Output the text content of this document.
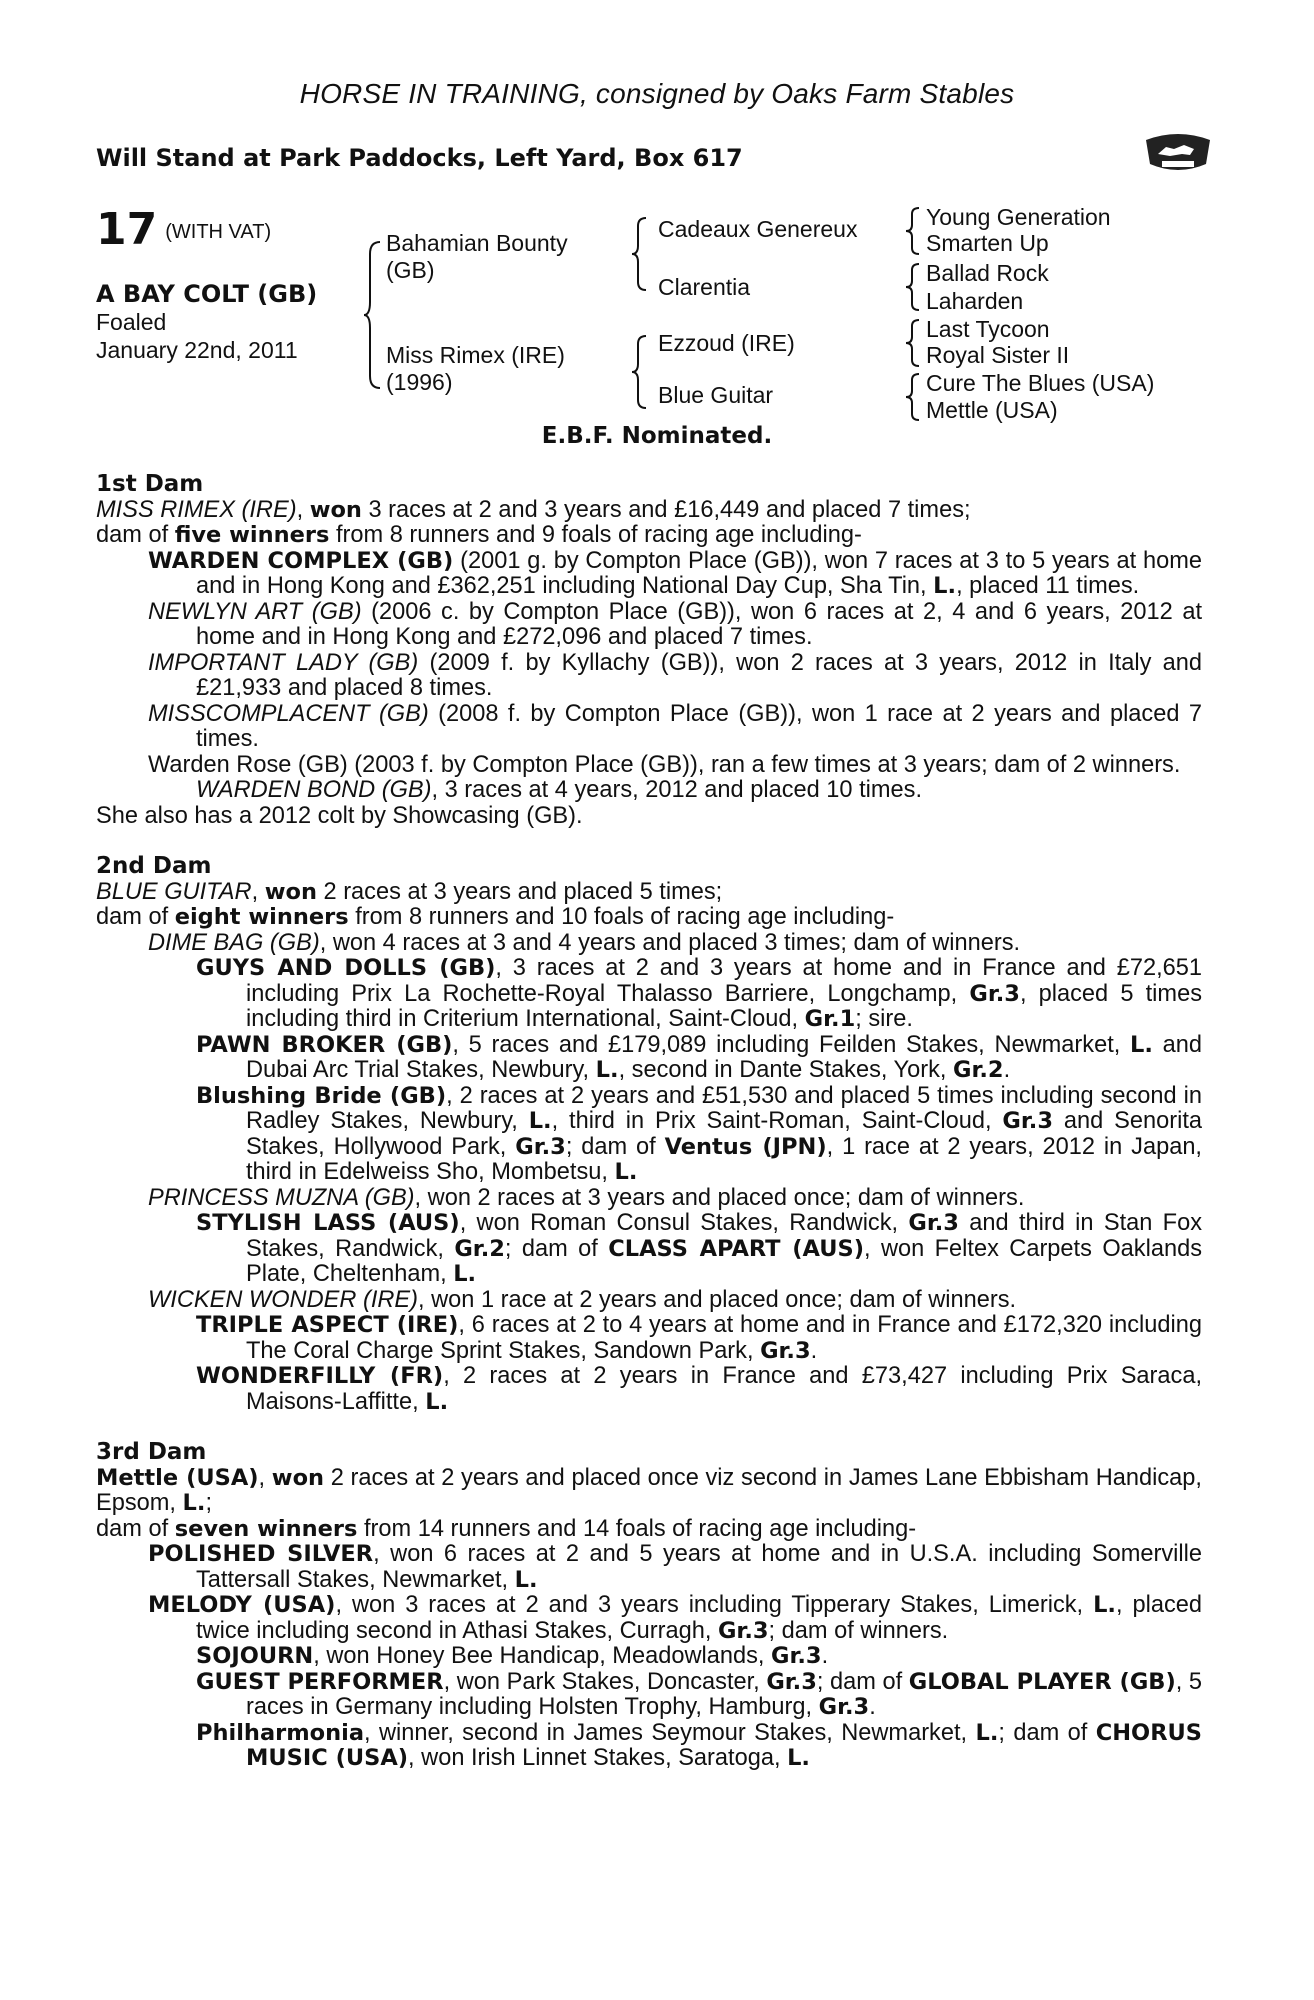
HORSE IN TRAINING, consigned by Oaks Farm Stables
Will Stand at Park Paddocks, Left Yard, Box 617
17 (WITH VAT)
A BAY COLT (GB)
Foaled
January 22nd, 2011
Bahamian Bounty
(GB)
Miss Rimex (IRE)
(1996)
Cadeaux Genereux
Clarentia
Ezzoud (IRE)
Blue Guitar
Young Generation
Smarten Up
Ballad Rock
Laharden
Last Tycoon
Royal Sister II
Cure The Blues (USA)
Mettle (USA)
E.B.F. Nominated.
1st Dam

MISS RIMEX (IRE), won 3 races at 2 and 3 years and £16,449 and placed 7 times;

dam of five winners from 8 runners and 9 foals of racing age including-

WARDEN COMPLEX (GB) (2001 g. by Compton Place (GB)), won 7 races at 3 to 5 years at home and in Hong Kong and £362,251 including National Day Cup, Sha Tin, L., placed 11 times.

NEWLYN ART (GB) (2006 c. by Compton Place (GB)), won 6 races at 2, 4 and 6 years, 2012 at home and in Hong Kong and £272,096 and placed 7 times.

IMPORTANT LADY (GB) (2009 f. by Kyllachy (GB)), won 2 races at 3 years, 2012 in Italy and £21,933 and placed 8 times.

MISSCOMPLACENT (GB) (2008 f. by Compton Place (GB)), won 1 race at 2 years and placed 7 times.

Warden Rose (GB) (2003 f. by Compton Place (GB)), ran a few times at 3 years; dam of 2 winners.

WARDEN BOND (GB), 3 races at 4 years, 2012 and placed 10 times.

She also has a 2012 colt by Showcasing (GB).

2nd Dam

BLUE GUITAR, won 2 races at 3 years and placed 5 times;

dam of eight winners from 8 runners and 10 foals of racing age including-

DIME BAG (GB), won 4 races at 3 and 4 years and placed 3 times; dam of winners.

GUYS AND DOLLS (GB), 3 races at 2 and 3 years at home and in France and £72,651 including Prix La Rochette-Royal Thalasso Barriere, Longchamp, Gr.3, placed 5 times including third in Criterium International, Saint-Cloud, Gr.1; sire.

PAWN BROKER (GB), 5 races and £179,089 including Feilden Stakes, Newmarket, L. and Dubai Arc Trial Stakes, Newbury, L., second in Dante Stakes, York, Gr.2.

Blushing Bride (GB), 2 races at 2 years and £51,530 and placed 5 times including second in Radley Stakes, Newbury, L., third in Prix Saint-Roman, Saint-Cloud, Gr.3 and Senorita Stakes, Hollywood Park, Gr.3; dam of Ventus (JPN), 1 race at 2 years, 2012 in Japan, third in Edelweiss Sho, Mombetsu, L.

PRINCESS MUZNA (GB), won 2 races at 3 years and placed once; dam of winners.

STYLISH LASS (AUS), won Roman Consul Stakes, Randwick, Gr.3 and third in Stan Fox Stakes, Randwick, Gr.2; dam of CLASS APART (AUS), won Feltex Carpets Oaklands Plate, Cheltenham, L.

WICKEN WONDER (IRE), won 1 race at 2 years and placed once; dam of winners.

TRIPLE ASPECT (IRE), 6 races at 2 to 4 years at home and in France and £172,320 including The Coral Charge Sprint Stakes, Sandown Park, Gr.3.

WONDERFILLY (FR), 2 races at 2 years in France and £73,427 including Prix Saraca, Maisons-Laffitte, L.

3rd Dam

Mettle (USA), won 2 races at 2 years and placed once viz second in James Lane Ebbisham Handicap, Epsom, L.;

dam of seven winners from 14 runners and 14 foals of racing age including-

POLISHED SILVER, won 6 races at 2 and 5 years at home and in U.S.A. including Somerville Tattersall Stakes, Newmarket, L.

MELODY (USA), won 3 races at 2 and 3 years including Tipperary Stakes, Limerick, L., placed twice including second in Athasi Stakes, Curragh, Gr.3; dam of winners.

SOJOURN, won Honey Bee Handicap, Meadowlands, Gr.3.

GUEST PERFORMER, won Park Stakes, Doncaster, Gr.3; dam of GLOBAL PLAYER (GB), 5 races in Germany including Holsten Trophy, Hamburg, Gr.3.

Philharmonia, winner, second in James Seymour Stakes, Newmarket, L.; dam of CHORUS MUSIC (USA), won Irish Linnet Stakes, Saratoga, L.
